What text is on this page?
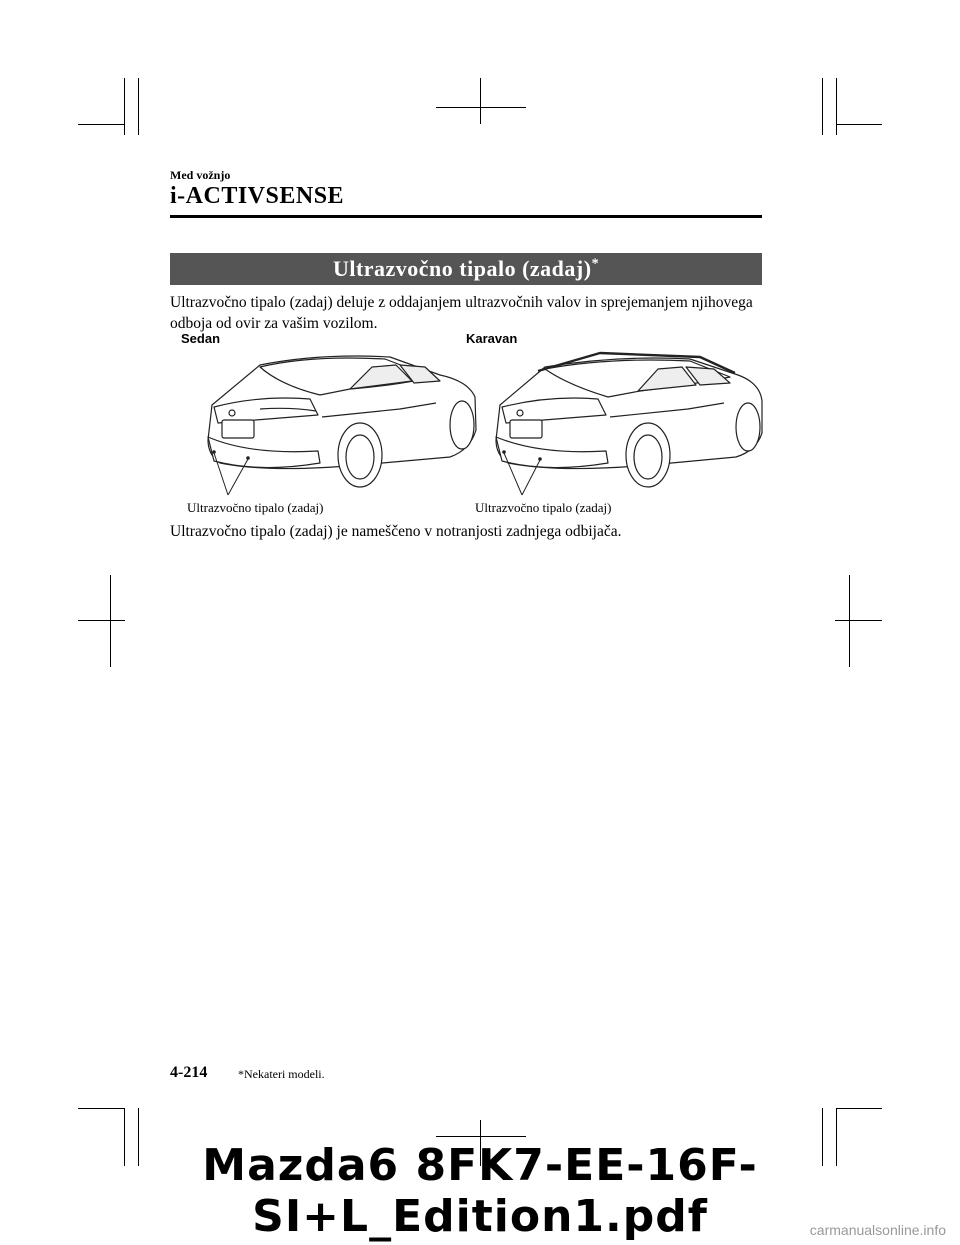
Med vožnjo
i-ACTIVSENSE
Ultrazvočno tipalo (zadaj)*
Ultrazvočno tipalo (zadaj) deluje z oddajanjem ultrazvočnih valov in sprejemanjem njihovega odboja od ovir za vašim vozilom.
Sedan	Karavan
Ultrazvočno tipalo (zadaj)	Ultrazvočno tipalo (zadaj)
Ultrazvočno tipalo (zadaj) je nameščeno v notranjosti zadnjega odbijača.
4-214	*Nekateri modeli.
Mazda6 8FK7-EE-16F-SI+L_Edition1.pdf	carmanualsonline.info
